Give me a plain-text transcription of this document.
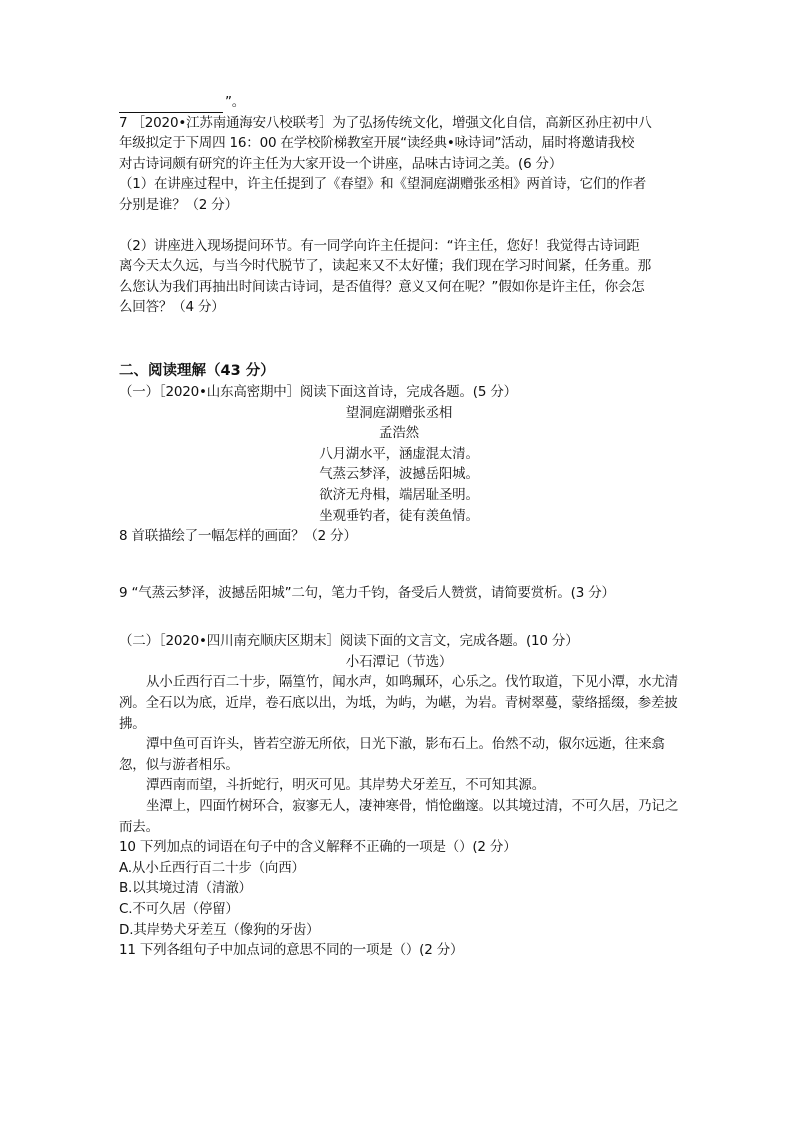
”。
7 ［2020•江苏南通海安八校联考］为了弘扬传统文化，增强文化自信，高新区孙庄初中八
年级拟定于下周四 16：00 在学校阶梯教室开展“读经典•咏诗词”活动，届时将邀请我校
对古诗词颇有研究的许主任为大家开设一个讲座，品味古诗词之美。(6 分）
（1）在讲座过程中，许主任提到了《春望》和《望洞庭湖赠张丞相》两首诗，它们的作者
分别是谁？（2 分）
（2）讲座进入现场提问环节。有一同学向许主任提问：“许主任，您好！我觉得古诗词距
离今天太久远，与当今时代脱节了，读起来又不太好懂；我们现在学习时间紧，任务重。那
么您认为我们再抽出时间读古诗词，是否值得？意义又何在呢？”假如你是许主任，你会怎
么回答？（4 分）
二、阅读理解（43 分）
（一）［2020•山东高密期中］阅读下面这首诗，完成各题。(5 分）
望洞庭湖赠张丞相
孟浩然
八月湖水平，涵虚混太清。
气蒸云梦泽，波撼岳阳城。
欲济无舟楫，端居耻圣明。
坐观垂钓者，徒有羡鱼情。
8 首联描绘了一幅怎样的画面？（2 分）
9 “气蒸云梦泽，波撼岳阳城”二句，笔力千钧，备受后人赞赏，请简要赏析。(3 分）
（二）［2020•四川南充顺庆区期末］阅读下面的文言文，完成各题。(10 分）
小石潭记（节选）
从小丘西行百二十步，隔篁竹，闻水声，如鸣珮环，心乐之。伐竹取道，下见小潭，水尤清冽。全石以为底，近岸，卷石底以出，为坻，为屿，为嵁，为岩。青树翠蔓，蒙络摇缀，参差披拂。
潭中鱼可百许头，皆若空游无所依，日光下澈，影布石上。佁然不动，俶尔远逝，往来翕忽，似与游者相乐。
潭西南而望，斗折蛇行，明灭可见。其岸势犬牙差互，不可知其源。
坐潭上，四面竹树环合，寂寥无人，凄神寒骨，悄怆幽邃。以其境过清，不可久居，乃记之而去。
10 下列加点的词语在句子中的含义解释不正确的一项是（）(2 分）
A.从小丘西行百二十步（向西）
B.以其境过清（清澈）
C.不可久居（停留）
D.其岸势犬牙差互（像狗的牙齿）
11 下列各组句子中加点词的意思不同的一项是（）(2 分）
